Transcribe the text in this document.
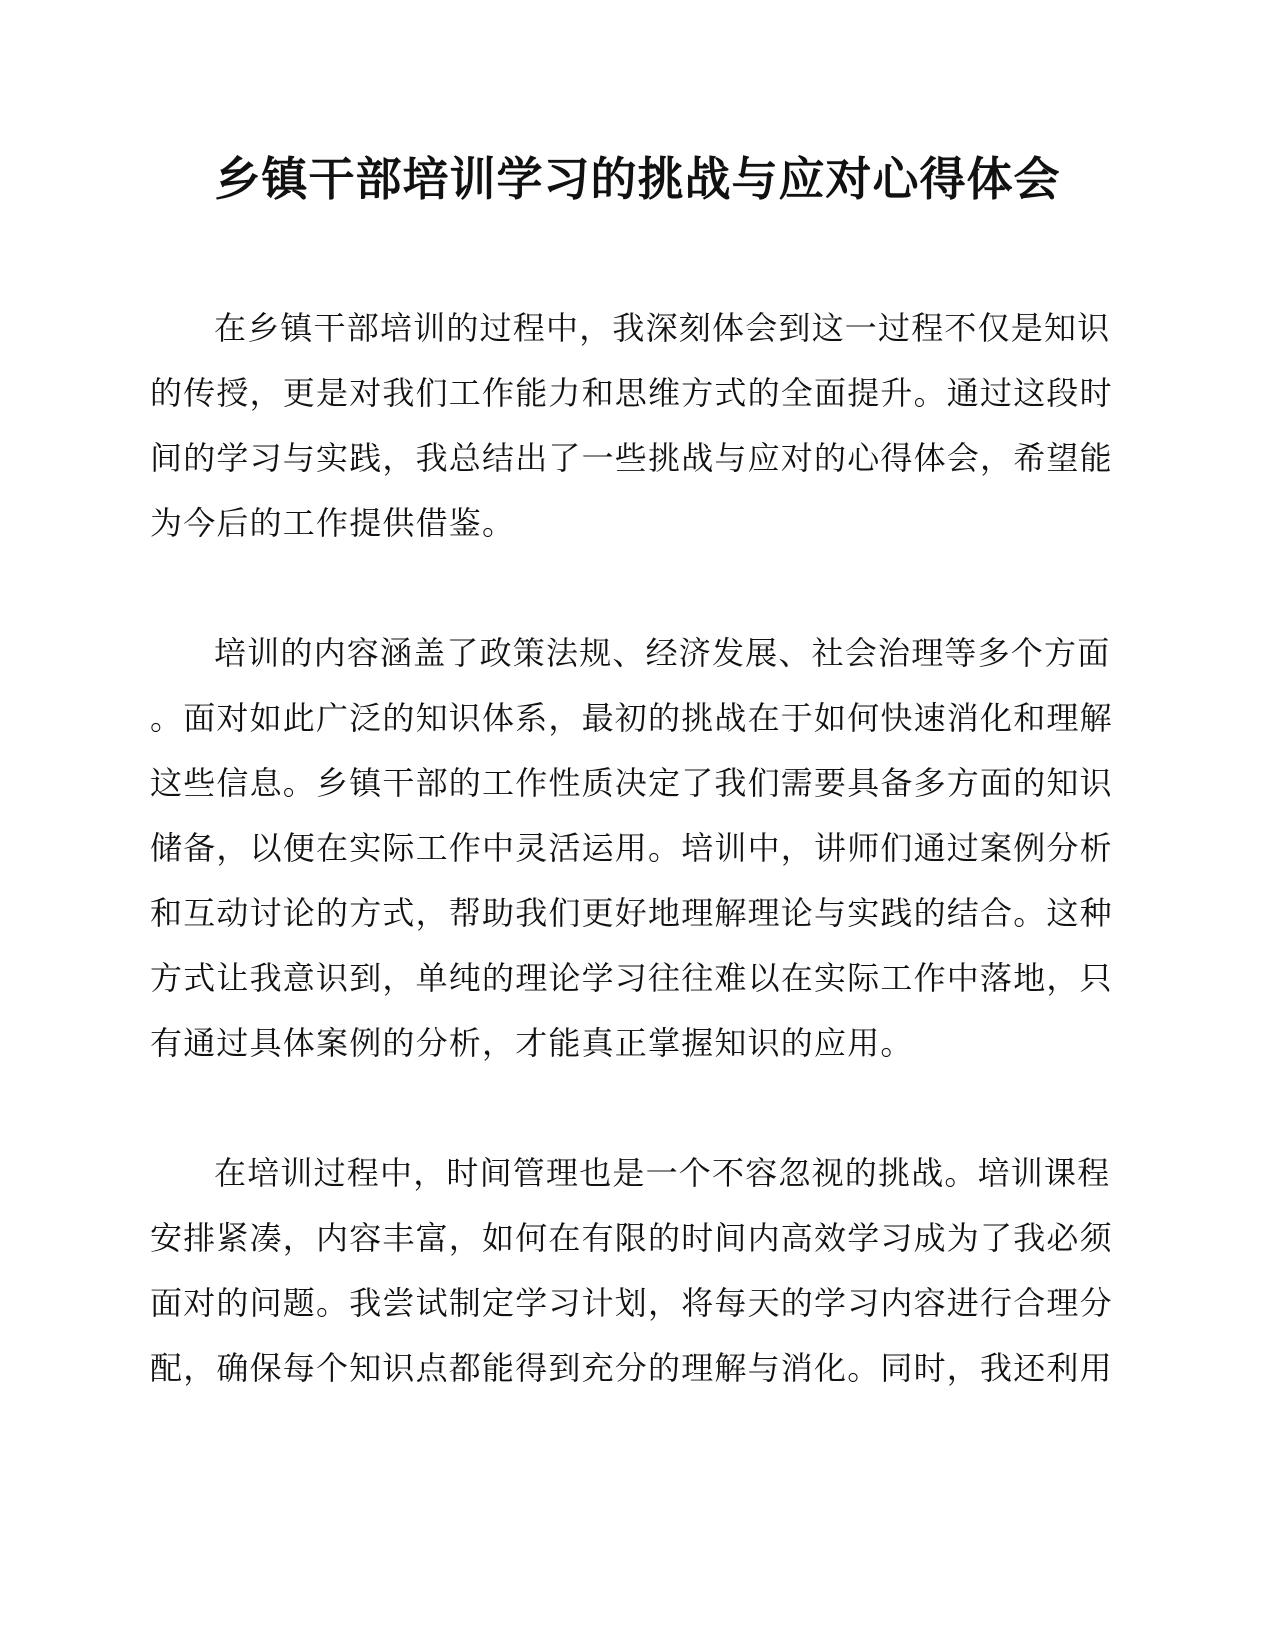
乡镇干部培训学习的挑战与应对心得体会

在乡镇干部培训的过程中，我深刻体会到这一过程不仅是知识
的传授，更是对我们工作能力和思维方式的全面提升。通过这段时
间的学习与实践，我总结出了一些挑战与应对的心得体会，希望能
为今后的工作提供借鉴。

培训的内容涵盖了政策法规、经济发展、社会治理等多个方面
。面对如此广泛的知识体系，最初的挑战在于如何快速消化和理解
这些信息。乡镇干部的工作性质决定了我们需要具备多方面的知识
储备，以便在实际工作中灵活运用。培训中，讲师们通过案例分析
和互动讨论的方式，帮助我们更好地理解理论与实践的结合。这种
方式让我意识到，单纯的理论学习往往难以在实际工作中落地，只
有通过具体案例的分析，才能真正掌握知识的应用。

在培训过程中，时间管理也是一个不容忽视的挑战。培训课程
安排紧凑，内容丰富，如何在有限的时间内高效学习成为了我必须
面对的问题。我尝试制定学习计划，将每天的学习内容进行合理分
配，确保每个知识点都能得到充分的理解与消化。同时，我还利用
